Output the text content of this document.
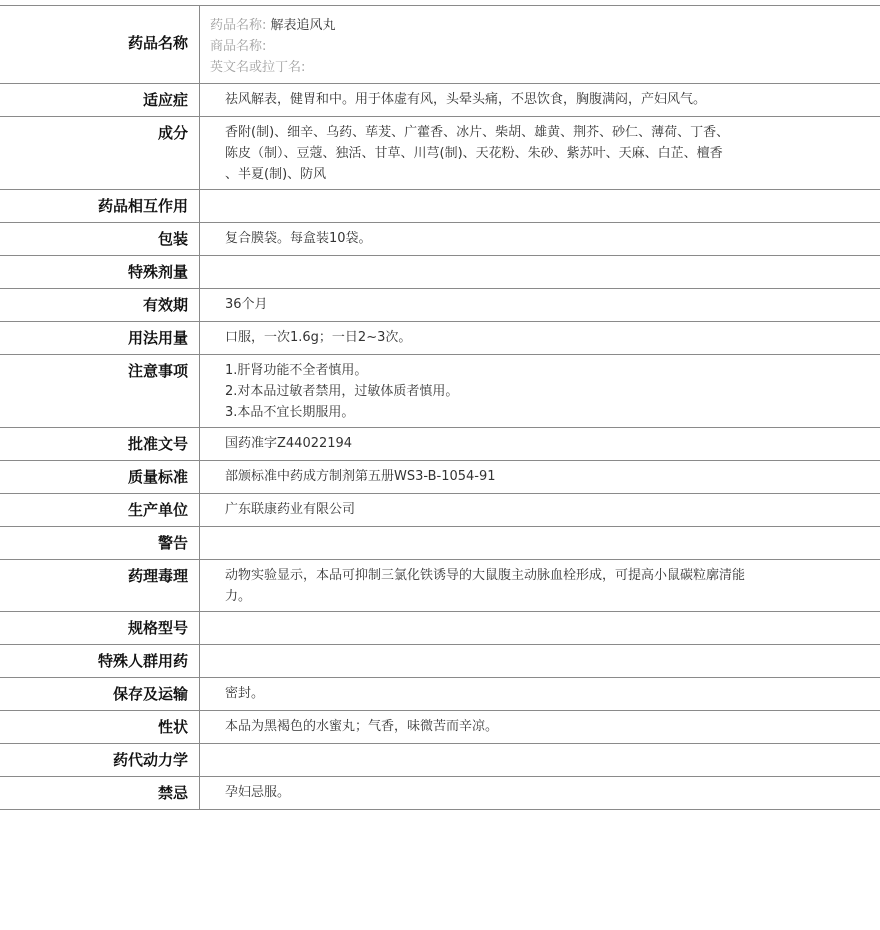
药品名称
药品名称: 解表追风丸
商品名称:
英文名或拉丁名:
适应症	祛风解表，健胃和中。用于体虚有风，头晕头痛，不思饮食，胸腹满闷，产妇风气。
成分	香附(制)、细辛、乌药、荜茇、广藿香、冰片、柴胡、雄黄、荆芥、砂仁、薄荷、丁香、
陈皮（制）、豆蔻、独活、甘草、川芎(制)、天花粉、朱砂、紫苏叶、天麻、白芷、檀香
、半夏(制)、防风
药品相互作用
包装	复合膜袋。每盒装10袋。
特殊剂量
有效期	36个月
用法用量	口服，一次1.6g；一日2~3次。
注意事项	1.肝肾功能不全者慎用。
2.对本品过敏者禁用，过敏体质者慎用。
3.本品不宜长期服用。
批准文号	国药准字Z44022194
质量标准	部颁标准中药成方制剂第五册WS3-B-1054-91
生产单位	广东联康药业有限公司
警告
药理毒理	动物实验显示，本品可抑制三氯化铁诱导的大鼠腹主动脉血栓形成，可提高小鼠碳粒廓清能
力。
规格型号
特殊人群用药
保存及运输	密封。
性状	本品为黑褐色的水蜜丸；气香，味微苦而辛凉。
药代动力学
禁忌	孕妇忌服。
